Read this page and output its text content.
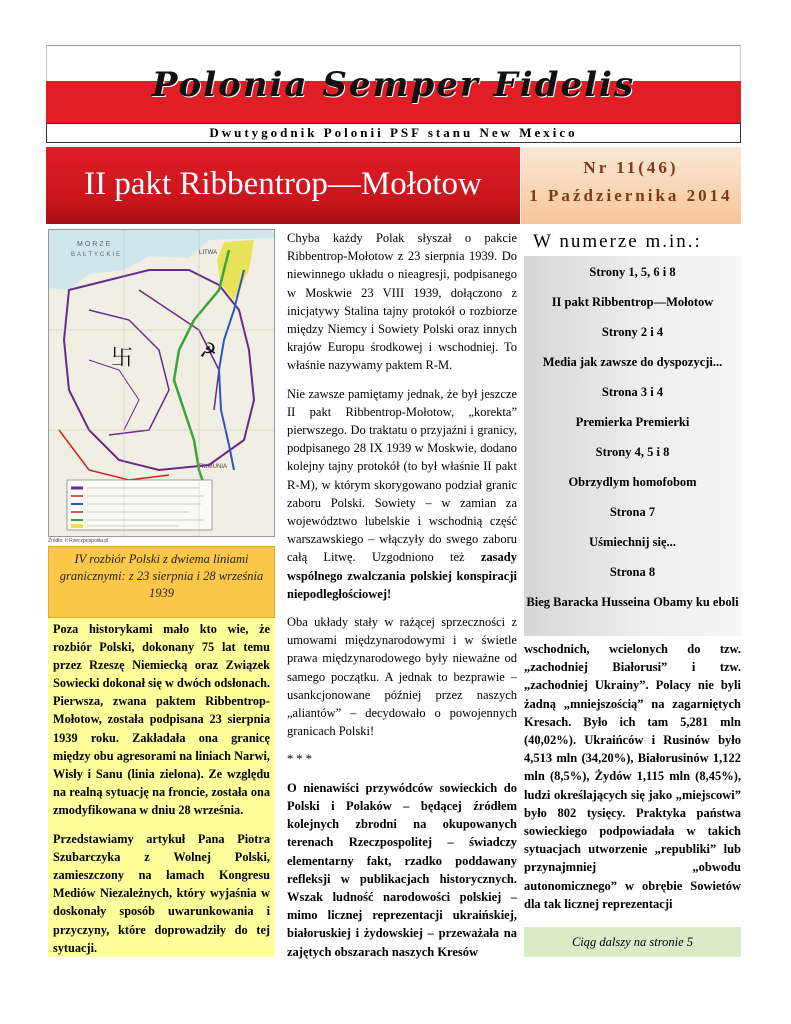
Polonia Semper Fidelis
Dwutygodnik Polonii PSF stanu New Mexico
II pakt Ribbentrop—Mołotow	Nr 11(46)
1 Października 2014
MORZE
BAŁTYCKIE	LITWA
RUMUNIA
卐	☭
Źródło: II Rzeczpospolita.pl
IV rozbiór Polski z dwiema liniami granicznymi: z 23 sierpnia i 28 września 1939

Poza historykami mało kto wie, że rozbiór Polski, dokonany 75 lat temu przez Rzeszę Niemiecką oraz Związek Sowiecki dokonał się w dwóch odsłonach. Pierwsza, zwana paktem Ribbentrop-Mołotow, została podpisana 23 sierpnia 1939 roku. Zakładała ona granicę między obu agresorami na liniach Narwi, Wisły i Sanu (linia zielona). Ze względu na realną sytuację na froncie, została ona zmodyfikowana w dniu 28 września.

Przedstawiamy artykuł Pana Piotra Szubarczyka z Wolnej Polski, zamieszczony na łamach Kongresu Mediów Niezależnych, który wyjaśnia w doskonały sposób uwarunkowania i przyczyny, które doprowadziły do tej sytuacji.

Chyba każdy Polak słyszał o pakcie Ribbentrop-Mołotow z 23 sierpnia 1939. Do niewinnego układu o nieagresji, podpisanego w Moskwie 23 VIII 1939, dołączono z inicjatywy Stalina tajny protokół o rozbiorze między Niemcy i Sowiety Polski oraz innych krajów Europu środkowej i wschodniej. To właśnie nazywamy paktem R-M.

Nie zawsze pamiętamy jednak, że był jeszcze II pakt Ribbentrop-Mołotow, „korekta” pierwszego. Do traktatu o przyjaźni i granicy, podpisanego 28 IX 1939 w Moskwie, dodano kolejny tajny protokół (to był właśnie II pakt R-M), w którym skorygowano podział granic zaboru Polski. Sowiety – w zamian za województwo lubelskie i wschodnią część warszawskiego – włączyły do swego zaboru całą Litwę. Uzgodniono też zasady wspólnego zwalczania polskiej konspiracji niepodległościowej!

Oba układy stały w rażącej sprzeczności z umowami międzynarodowymi i w świetle prawa międzynarodowego były nieważne od samego początku. A jednak to bezprawie – usankcjonowane później przez naszych „aliantów” – decydowało o powojennych granicach Polski!

* * *

O nienawiści przywódców sowieckich do Polski i Polaków – będącej źródłem kolejnych zbrodni na okupowanych terenach Rzeczpospolitej – świadczy elementarny fakt, rzadko poddawany refleksji w publikacjach historycznych. Wszak ludność narodowości polskiej – mimo licznej reprezentacji ukraińskiej, białoruskiej i żydowskiej – przeważała na zajętych obszarach naszych Kresów

W numerze m.in.:
Strony 1, 5, 6 i 8
II pakt Ribbentrop—Mołotow
Strony 2 i 4
Media jak zawsze do dyspozycji...
Strona 3 i 4
Premierka Premierki
Strony 4, 5 i 8
Obrzydlym homofobom
Strona 7
Uśmiechnij się...
Strona 8
Bieg Baracka Husseina Obamy ku eboli
wschodnich, wcielonych do tzw. „zachodniej Białorusi” i tzw. „zachodniej Ukrainy”. Polacy nie byli żadną „mniejszością” na zagarniętych Kresach. Było ich tam 5,281 mln (40,02%). Ukraińców i Rusinów było 4,513 mln (34,20%), Białorusinów 1,122 mln (8,5%), Żydów 1,115 mln (8,45%), ludzi określających się jako „miejscowi” było 802 tysięcy. Praktyka państwa sowieckiego podpowiadała w takich sytuacjach utworzenie „republiki” lub przynajmniej „obwodu autonomicznego” w obrębie Sowietów dla tak licznej reprezentacji
Ciąg dalszy na stronie 5
